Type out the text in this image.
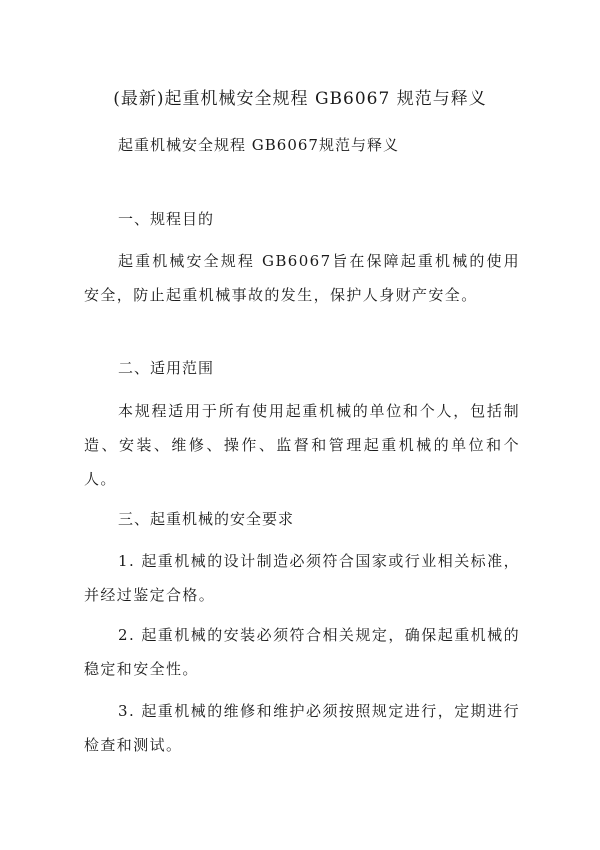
(最新)起重机械安全规程 GB6067 规范与释义
起重机械安全规程 GB6067规范与释义
一、规程目的
起重机械安全规程 GB6067旨在保障起重机械的使用安全，防止起重机械事故的发生，保护人身财产安全。
二、适用范围
本规程适用于所有使用起重机械的单位和个人，包括制造、安装、维修、操作、监督和管理起重机械的单位和个人。
三、起重机械的安全要求
1. 起重机械的设计制造必须符合国家或行业相关标准，并经过鉴定合格。
2. 起重机械的安装必须符合相关规定，确保起重机械的稳定和安全性。
3. 起重机械的维修和维护必须按照规定进行，定期进行检查和测试。
